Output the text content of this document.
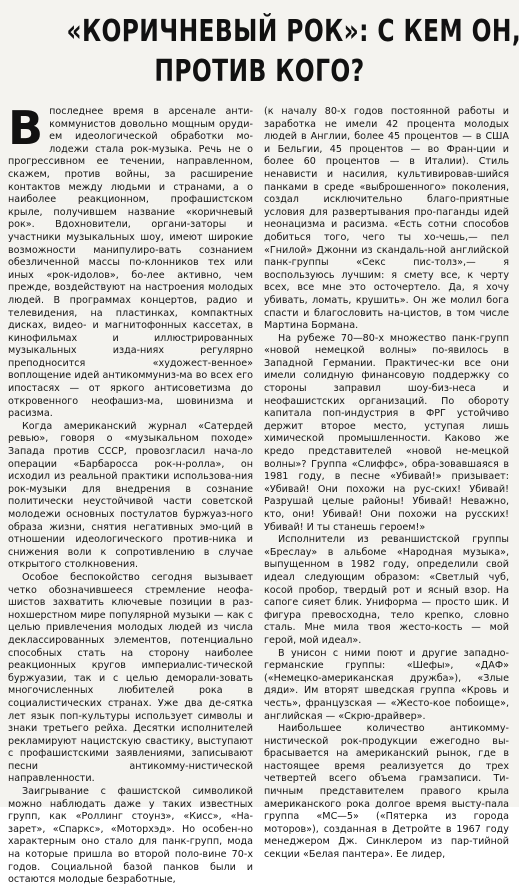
«КОРИЧНЕВЫЙ РОК»: С КЕМ ОН,
ПРОТИВ КОГО?

Впоследнее время в арсенале анти-коммунистов довольно мощным оруди-ем идеологической обработки мо-лодежи стала рок-музыка. Речь не о прогрессивном ее течении, направленном, скажем, против войны, за расширение контактов между людьми и странами, а о наиболее реакционном, профашистском крыле, получившем название «коричневый рок». Вдохновители, органи-заторы и участники музыкальных шоу, имеют широкие возможности манипулиро-вать сознанием обезличенной массы по-клонников тех или иных «рок-идолов», бо-лее активно, чем прежде, воздействуют на настроения молодых людей. В программах концертов, радио и телевидения, на пластинках, компактных дисках, видео- и магнитофонных кассетах, в кинофильмах и иллюстрированных музыкальных изда-ниях регулярно преподносится «художест-венное» воплощение идей антикоммуниз-ма во всех его ипостасях — от яркого антисоветизма до откровенного неофашиз-ма, шовинизма и расизма.

Когда американский журнал «Сатердей ревью», говоря о «музыкальном походе» Запада против СССР, провозгласил нача-ло операции «Барбаросса рок-н-ролла», он исходил из реальной практики использова-ния рок-музыки для внедрения в сознание политически неустойчивой части советской молодежи основных постулатов буржуаз-ного образа жизни, снятия негативных эмо-ций в отношении идеологического против-ника и снижения воли к сопротивлению в случае открытого столкновения.

Особое беспокойство сегодня вызывает четко обозначившееся стремление неофа-шистов захватить ключевые позиции в раз-нохшерстном мире популярной музыки — как с целью привлечения молодых людей из числа деклассированных элементов, потенциально способных стать на сторону наиболее реакционных кругов империалис-тической буржуазии, так и с целью деморали-зовать многочисленных любителей рока в социалистических странах. Уже два де-сятка лет язык поп-культуры использует символы и знаки третьего рейха. Десятки исполнителей рекламируют нацистскую свастику, выступают с профашистскими заявлениями, записывают песни антикомму-нистической направленности.

Заигрывание с фашистской символикой можно наблюдать даже у таких известных групп, как «Роллинг стоунз», «Кисс», «На-зарет», «Спаркс», «Моторхэд». Но особен-но характерным оно стало для панк-групп, мода на которые пришла во второй поло-вине 70-х годов. Социальной базой панков были и остаются молодые безработные,

(к началу 80-х годов постоянной работы и заработка не имели 42 процента молодых людей в Англии, более 45 процентов — в США и Бельгии, 45 процентов — во Фран-ции и более 60 процентов — в Италии). Стиль ненависти и насилия, культивировав-шийся панками в среде «выброшенного» поколения, создал исключительно благо-приятные условия для развертывания про-паганды идей неонацизма и расизма. «Есть сотни способов добиться того, чего ты хо-чешь,— пел «Гнилой» Джонни из скандаль-ной английской панк-группы «Секс пис-толз»,— я воспользуюсь лучшим: я смету все, к черту всех, все мне это осточертело. Да, я хочу убивать, ломать, крушить». Он же молил бога спасти и благословить на-цистов, в том числе Мартина Бормана.

На рубеже 70—80-х множество панк-групп «новой немецкой волны» по-явилось в Западной Германии. Практичес-ки все они имели солидную финансовую поддержку со стороны заправил шоу-биз-неса и неофашистских организаций. По обороту капитала поп-индустрия в ФРГ устойчиво держит второе место, уступая лишь химической промышленности. Каково же кредо представителей «новой не-мецкой волны»? Группа «Слиффс», обра-зовавшаяся в 1981 году, в песне «Убивай!» призывает: «Убивай! Они похожи на рус-ских! Убивай! Разрушай целые районы! Убивай! Неважно, кто, они! Убивай! Они похожи на русских! Убивай! И ты станешь героем!»

Исполнители из реваншистской группы «Бреслау» в альбоме «Народная музыка», выпущенном в 1982 году, определили свой идеал следующим образом: «Светлый чуб, косой пробор, твердый рот и ясный взор. На сапоге сияет блик. Униформа — просто шик. И фигура превосходна, тело крепко, словно сталь. Мне мила твоя жесто-кость — мой герой, мой идеал».

В унисон с ними поют и другие западно-германские группы: «Шефы», «ДАФ» («Немецко-американская дружба»), «Злые дяди». Им вторят шведская группа «Кровь и честь», французская — «Жесто-кое побоище», английская — «Скрю-драйвер».

Наибольшее количество антикомму-нистической рок-продукции ежегодно вы-брасывается на американский рынок, где в настоящее время реализуется до трех четвертей всего объема грамзаписи. Ти-пичным представителем правого крыла американского рока долгое время высту-пала группа «МС—5» («Пятерка из города моторов»), созданная в Детройте в 1967 году менеджером Дж. Синклером из пар-тийной секции «Белая пантера». Ее лидер,
